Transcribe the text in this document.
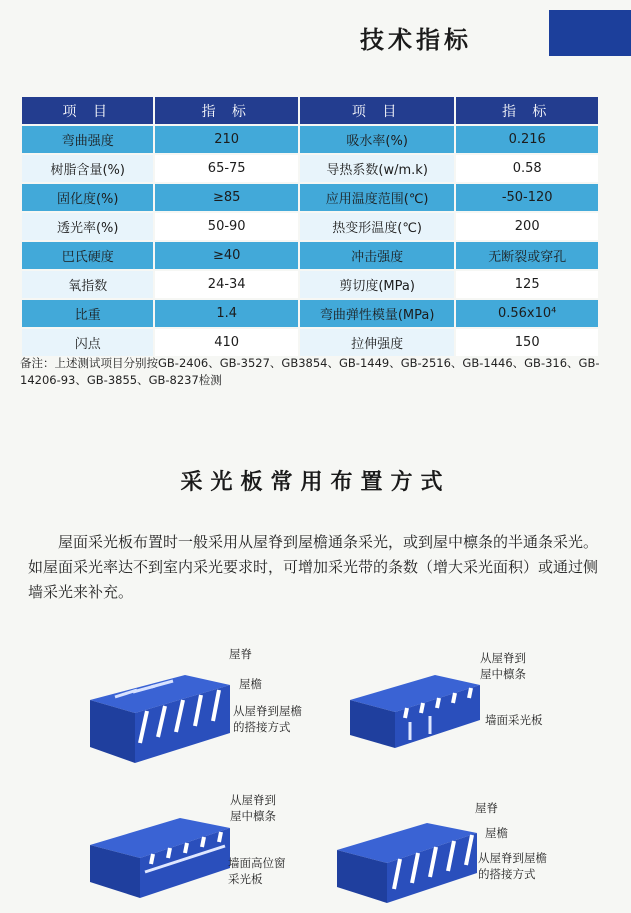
技术指标
项 目	指 标	项 目	指 标
弯曲强度	210	吸水率(%)	0.216
树脂含量(%)	65-75	导热系数(w/m.k)	0.58
固化度(%)	≥85	应用温度范围(℃)	-50-120
透光率(%)	50-90	热变形温度(℃)	200
巴氏硬度	≥40	冲击强度	无断裂或穿孔
氧指数	24-34	剪切度(MPa)	125
比重	1.4	弯曲弹性模量(MPa)	0.56x10⁴
闪点	410	拉伸强度	150
备注：上述测试项目分别按GB-2406、GB-3527、GB3854、GB-1449、GB-2516、GB-1446、GB-316、GB-14206-93、GB-3855、GB-8237检测
采光板常用布置方式
屋面采光板布置时一般采用从屋脊到屋檐通条采光，或到屋中檩条的半通条采光。如屋面采光率达不到室内采光要求时，可增加采光带的条数（增大采光面积）或通过侧墙采光来补充。
屋脊
屋檐
从屋脊到屋檐
的搭接方式
从屋脊到
屋中檩条
墙面采光板
从屋脊到
屋中檩条
墙面高位窗
采光板
屋脊
屋檐
从屋脊到屋檐
的搭接方式
